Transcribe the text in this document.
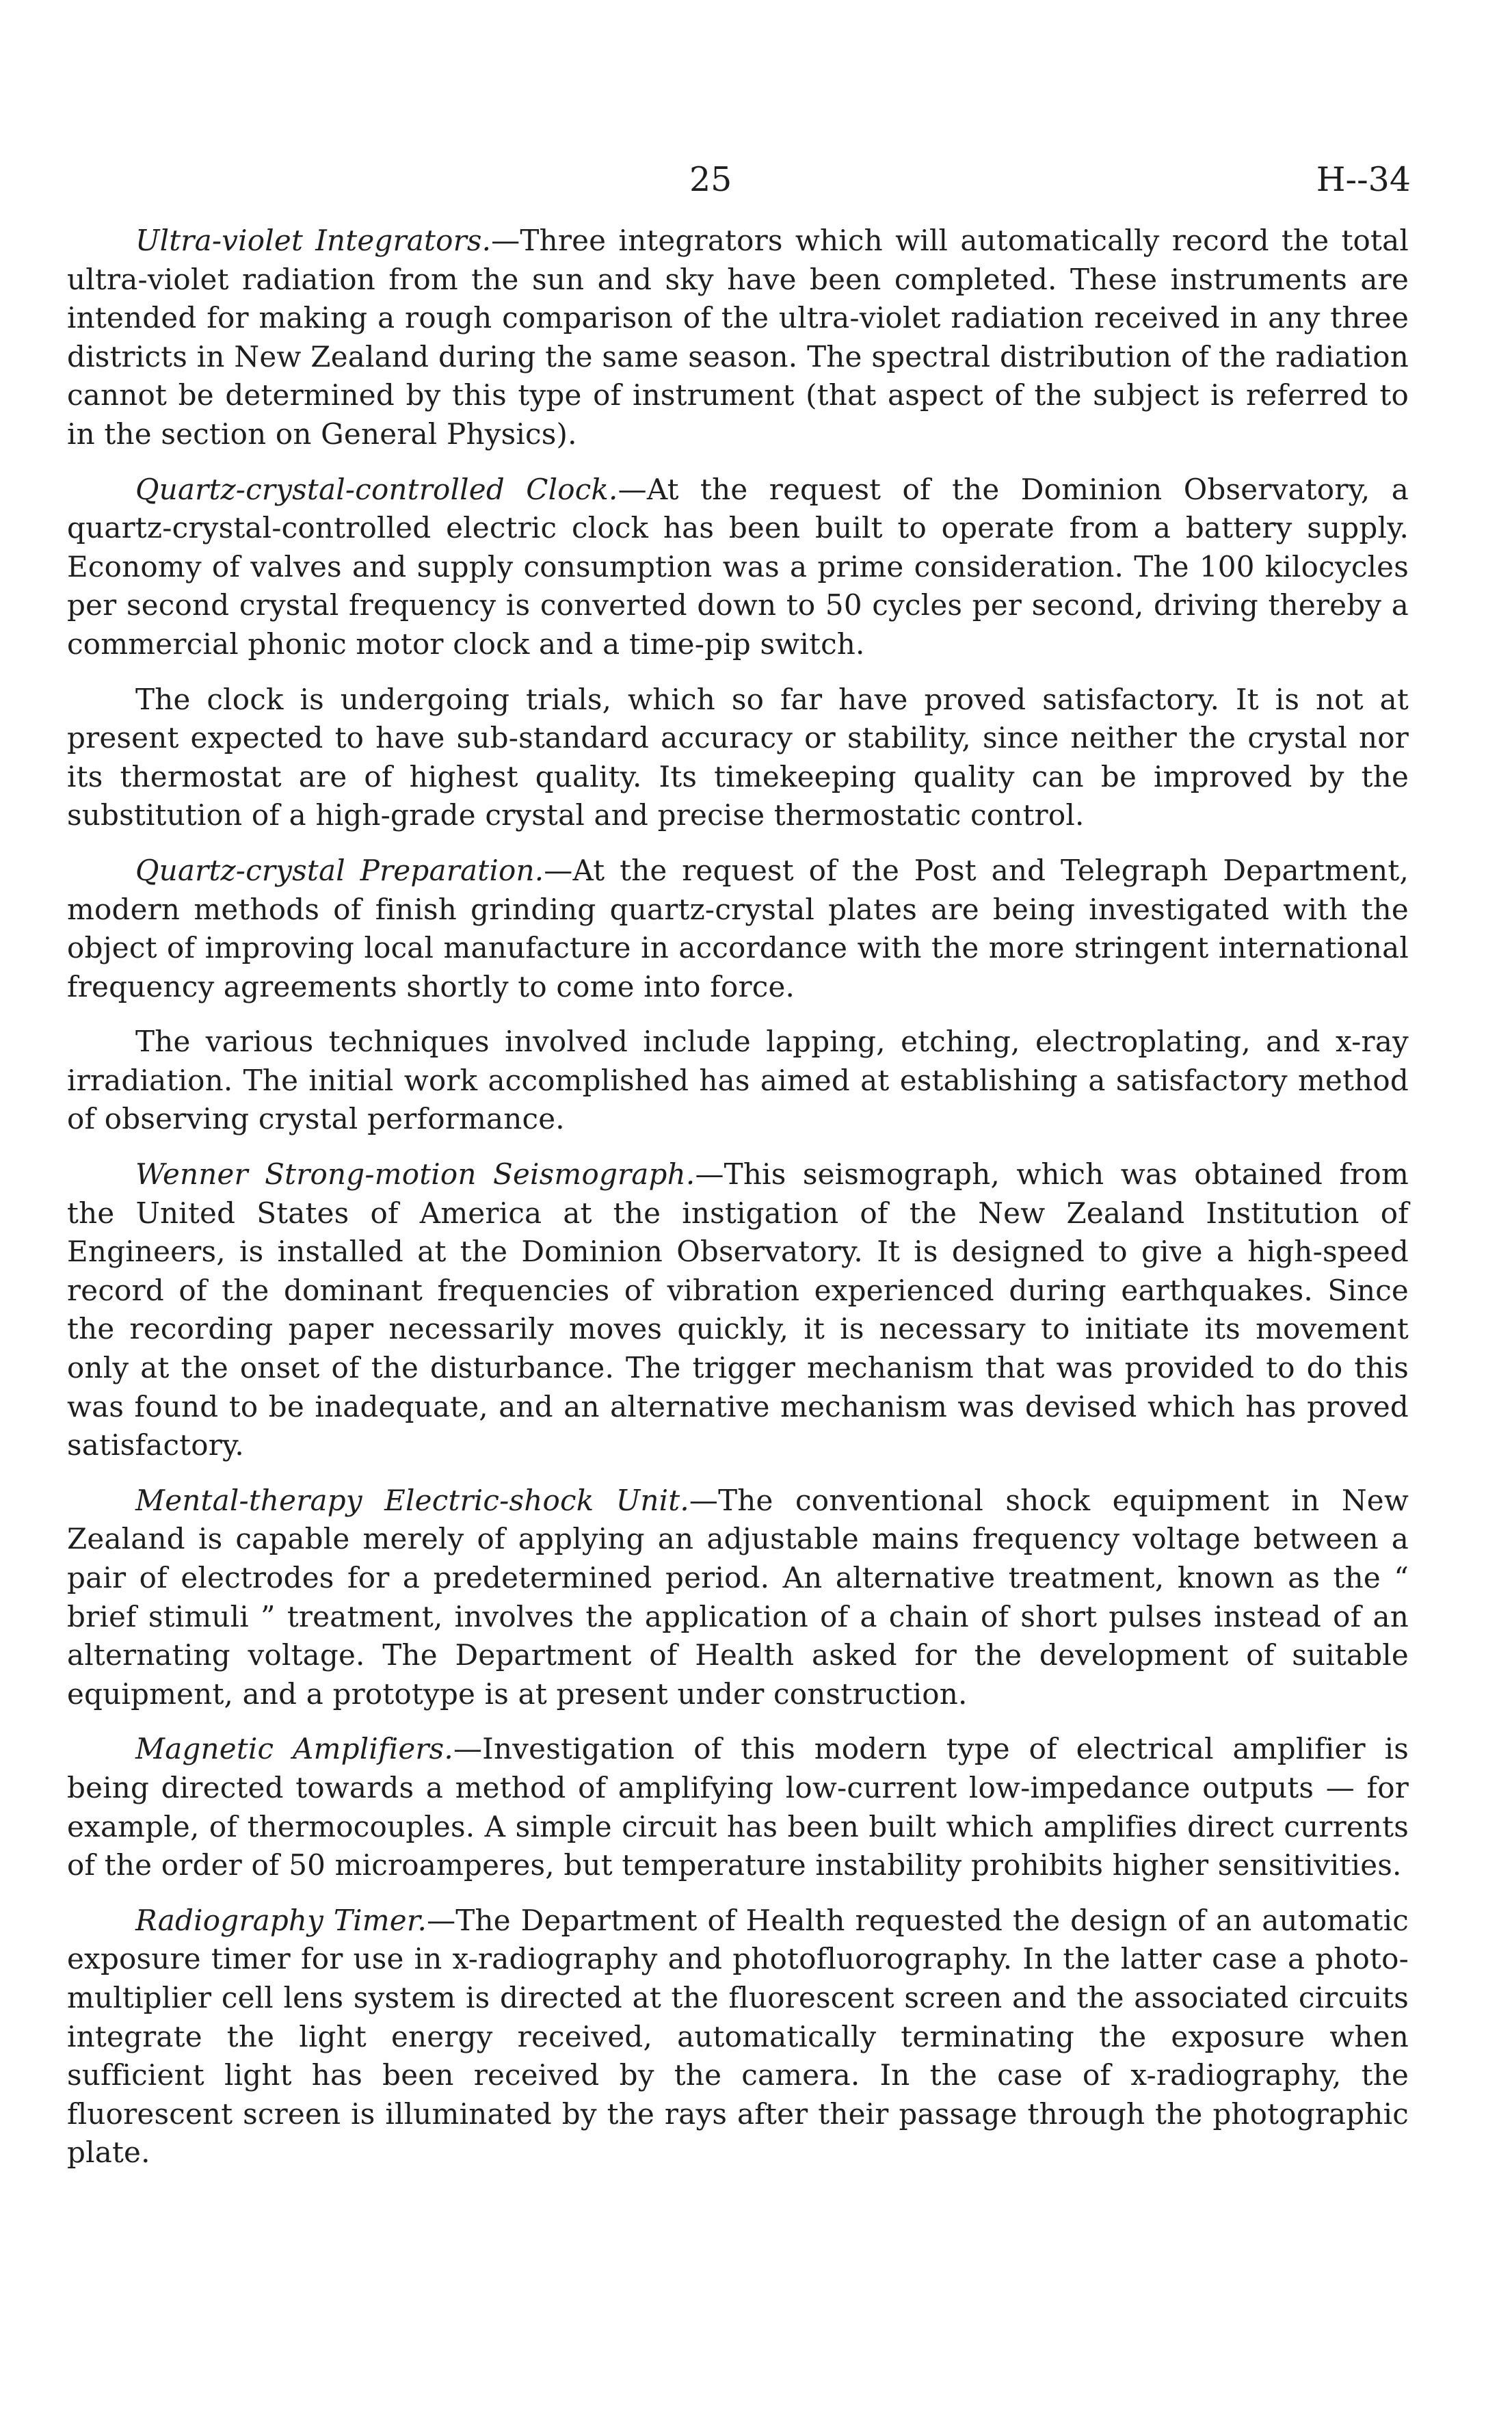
25	H--34

Ultra-violet Integrators.—Three integrators which will automatically record the total ultra-violet radiation from the sun and sky have been completed. These instruments are intended for making a rough comparison of the ultra-violet radiation received in any three districts in New Zealand during the same season. The spectral distribution of the radiation cannot be determined by this type of instrument (that aspect of the subject is referred to in the section on General Physics).

Quartz-crystal-controlled Clock.—At the request of the Dominion Observatory, a quartz-crystal-controlled electric clock has been built to operate from a battery supply. Economy of valves and supply consumption was a prime consideration. The 100 kilocycles per second crystal frequency is converted down to 50 cycles per second, driving thereby a commercial phonic motor clock and a time-pip switch.

The clock is undergoing trials, which so far have proved satisfactory. It is not at present expected to have sub-standard accuracy or stability, since neither the crystal nor its thermostat are of highest quality. Its timekeeping quality can be improved by the substitution of a high-grade crystal and precise thermostatic control.

Quartz-crystal Preparation.—At the request of the Post and Telegraph Department, modern methods of finish grinding quartz-crystal plates are being investigated with the object of improving local manufacture in accordance with the more stringent international frequency agreements shortly to come into force.

The various techniques involved include lapping, etching, electroplating, and x-ray irradiation. The initial work accomplished has aimed at establishing a satisfactory method of observing crystal performance.

Wenner Strong-motion Seismograph.—This seismograph, which was obtained from the United States of America at the instigation of the New Zealand Institution of Engineers, is installed at the Dominion Observatory. It is designed to give a high-speed record of the dominant frequencies of vibration experienced during earthquakes. Since the recording paper necessarily moves quickly, it is necessary to initiate its movement only at the onset of the disturbance. The trigger mechanism that was provided to do this was found to be inadequate, and an alternative mechanism was devised which has proved satisfactory.

Mental-therapy Electric-shock Unit.—The conventional shock equipment in New Zealand is capable merely of applying an adjustable mains frequency voltage between a pair of electrodes for a predetermined period. An alternative treatment, known as the “ brief stimuli ” treatment, involves the application of a chain of short pulses instead of an alternating voltage. The Department of Health asked for the development of suitable equipment, and a prototype is at present under construction.

Magnetic Amplifiers.—Investigation of this modern type of electrical amplifier is being directed towards a method of amplifying low-current low-impedance outputs — for example, of thermocouples. A simple circuit has been built which amplifies direct currents of the order of 50 microamperes, but temperature instability prohibits higher sensitivities.

Radiography Timer.—The Department of Health requested the design of an automatic exposure timer for use in x-radiography and photofluorography. In the latter case a photo-multiplier cell lens system is directed at the fluorescent screen and the associated circuits integrate the light energy received, automatically terminating the exposure when sufficient light has been received by the camera. In the case of x-radiography, the fluorescent screen is illuminated by the rays after their passage through the photographic plate.
